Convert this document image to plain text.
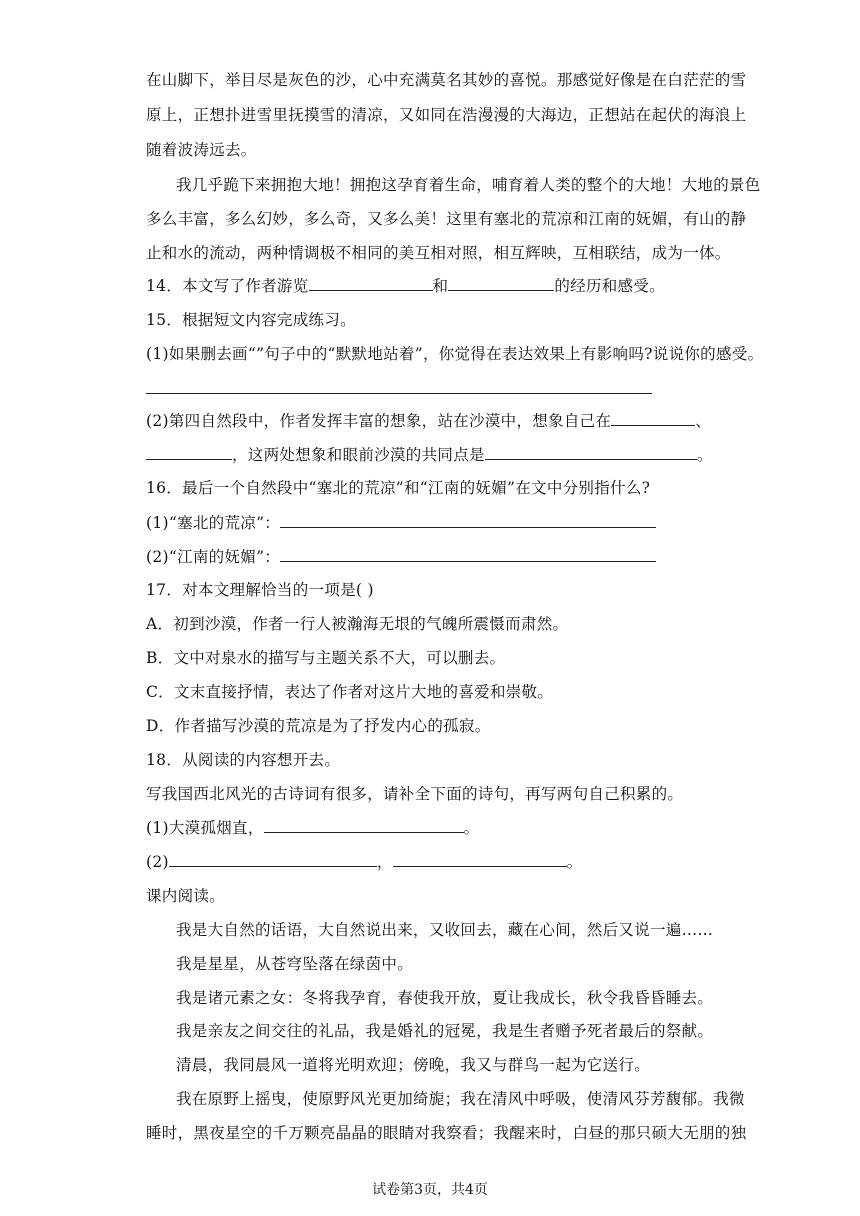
在山脚下，举目尽是灰色的沙，心中充满莫名其妙的喜悦。那感觉好像是在白茫茫的雪
原上，正想扑进雪里抚摸雪的清凉，又如同在浩漫漫的大海边，正想站在起伏的海浪上
随着波涛远去。
我几乎跪下来拥抱大地！拥抱这孕育着生命，哺育着人类的整个的大地！大地的景色
多么丰富，多么幻妙，多么奇，又多么美！这里有塞北的荒凉和江南的妩媚，有山的静
止和水的流动，两种情调极不相同的美互相对照，相互辉映，互相联结，成为一体。
14．本文写了作者游览	和	的经历和感受。
15．根据短文内容完成练习。
(1)如果删去画“”句子中的“默默地站着”，你觉得在表达效果上有影响吗?说说你的感受。
(2)第四自然段中，作者发挥丰富的想象，站在沙漠中，想象自己在	、
，这两处想象和眼前沙漠的共同点是	。
16．最后一个自然段中“塞北的荒凉”和“江南的妩媚”在文中分别指什么?
(1)“塞北的荒凉”：
(2)“江南的妩媚”：
17．对本文理解恰当的一项是( )
A．初到沙漠，作者一行人被瀚海无垠的气魄所震慑而肃然。
B．文中对泉水的描写与主题关系不大，可以删去。
C．文末直接抒情，表达了作者对这片大地的喜爱和崇敬。
D．作者描写沙漠的荒凉是为了抒发内心的孤寂。
18．从阅读的内容想开去。
写我国西北风光的古诗词有很多，请补全下面的诗句，再写两句自己积累的。
(1)大漠孤烟直，	。
(2)	，	。
课内阅读。
我是大自然的话语，大自然说出来，又收回去，藏在心间，然后又说一遍……
我是星星，从苍穹坠落在绿茵中。
我是诸元素之女：冬将我孕育，春使我开放，夏让我成长，秋令我昏昏睡去。
我是亲友之间交往的礼品，我是婚礼的冠冕，我是生者赠予死者最后的祭献。
清晨，我同晨风一道将光明欢迎；傍晚，我又与群鸟一起为它送行。
我在原野上摇曳，使原野风光更加绮旎；我在清风中呼吸，使清风芬芳馥郁。我微
睡时，黑夜星空的千万颗亮晶晶的眼睛对我察看；我醒来时，白昼的那只硕大无朋的独
试卷第3页，共4页
